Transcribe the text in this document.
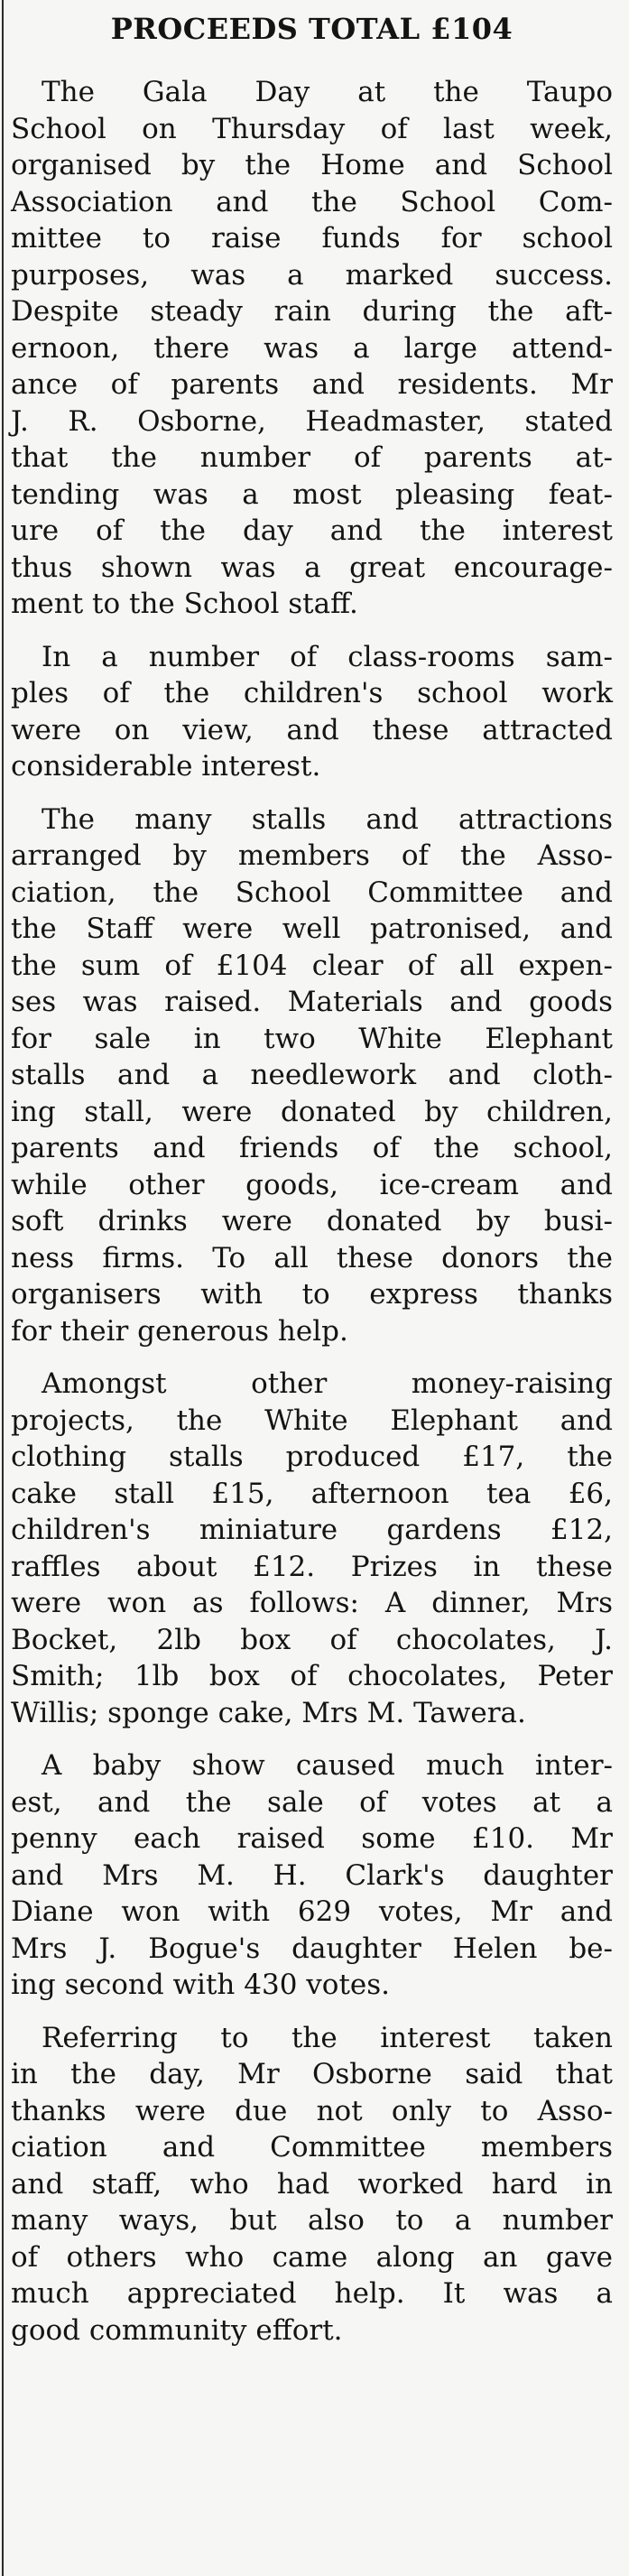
PROCEEDS TOTAL £104

The Gala Day at the Taupo
School on Thursday of last week,
organised by the Home and School
Association and the School Com-
mittee to raise funds for school
purposes, was a marked success.
Despite steady rain during the aft-
ernoon, there was a large attend-
ance of parents and residents. Mr
J. R. Osborne, Headmaster, stated
that the number of parents at-
tending was a most pleasing feat-
ure of the day and the interest
thus shown was a great encourage-
ment to the School staff.

In a number of class-rooms sam-
ples of the children's school work
were on view, and these attracted
considerable interest.

The many stalls and attractions
arranged by members of the Asso-
ciation, the School Committee and
the Staff were well patronised, and
the sum of £104 clear of all expen-
ses was raised. Materials and goods
for sale in two White Elephant
stalls and a needlework and cloth-
ing stall, were donated by children,
parents and friends of the school,
while other goods, ice-cream and
soft drinks were donated by busi-
ness firms. To all these donors the
organisers with to express thanks
for their generous help.

Amongst other money-raising
projects, the White Elephant and
clothing stalls produced £17, the
cake stall £15, afternoon tea £6,
children's miniature gardens £12,
raffles about £12. Prizes in these
were won as follows: A dinner, Mrs
Bocket, 2lb box of chocolates, J.
Smith; 1lb box of chocolates, Peter
Willis; sponge cake, Mrs M. Tawera.

A baby show caused much inter-
est, and the sale of votes at a
penny each raised some £10. Mr
and Mrs M. H. Clark's daughter
Diane won with 629 votes, Mr and
Mrs J. Bogue's daughter Helen be-
ing second with 430 votes.

Referring to the interest taken
in the day, Mr Osborne said that
thanks were due not only to Asso-
ciation and Committee members
and staff, who had worked hard in
many ways, but also to a number
of others who came along an gave
much appreciated help. It was a
good community effort.
